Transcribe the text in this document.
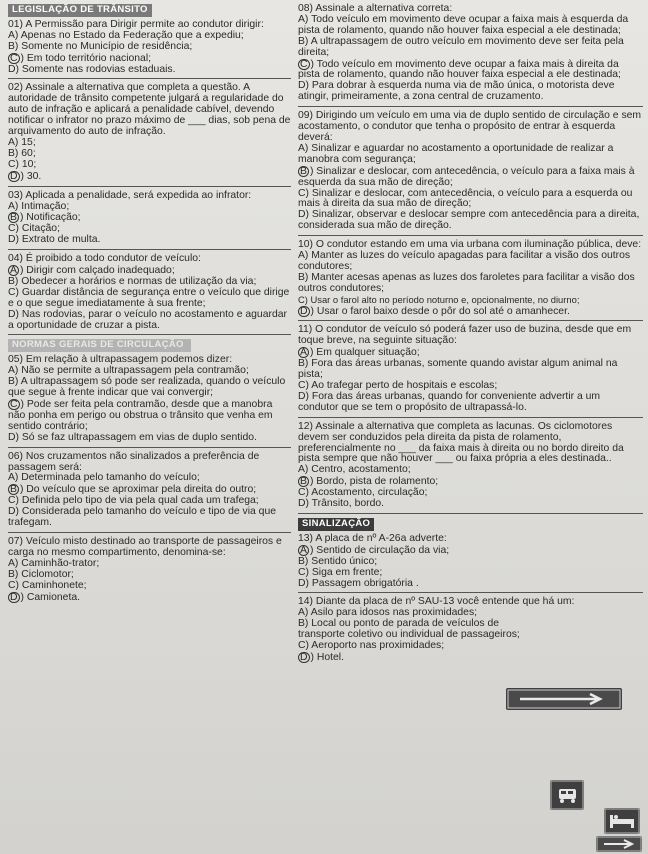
LEGISLAÇÃO DE TRÂNSITO

01) A Permissão para Dirigir permite ao condutor dirigir:

A) Apenas no Estado da Federação que a expediu;

B) Somente no Município de residência;

C ) Em todo território nacional;

D) Somente nas rodovias estaduais.

02) Assinale a alternativa que completa a questão. A autoridade de trânsito competente julgará a regularidade do auto de infração e aplicará a penalidade cabível, devendo notificar o infrator no prazo máximo de ___ dias, sob pena de arquivamento do auto de infração.

A) 15;

B) 60;

C) 10;

D ) 30.

03) Aplicada a penalidade, será expedida ao infrator:

A) Intimação;

B ) Notificação;

C) Citação;

D) Extrato de multa.

04) É proibido a todo condutor de veículo:

A ) Dirigir com calçado inadequado;

B) Obedecer a horários e normas de utilização da via;

C) Guardar distância de segurança entre o veículo que dirige e o que segue imediatamente à sua frente;

D) Nas rodovias, parar o veículo no acostamento e aguardar a oportunidade de cruzar a pista.

NORMAS GERAIS DE CIRCULAÇÃO

05) Em relação à ultrapassagem podemos dizer:

A) Não se permite a ultrapassagem pela contramão;

B) A ultrapassagem só pode ser realizada, quando o veículo que segue à frente indicar que vai convergir;

C ) Pode ser feita pela contramão, desde que a manobra não ponha em perigo ou obstrua o trânsito que venha em sentido contrário;

D) Só se faz ultrapassagem em vias de duplo sentido.

06) Nos cruzamentos não sinalizados a preferência de passagem será:

A) Determinada pelo tamanho do veículo;

B ) Do veículo que se aproximar pela direita do outro;

C) Definida pelo tipo de via pela qual cada um trafega;

D) Considerada pelo tamanho do veículo e tipo de via que trafegam.

07) Veículo misto destinado ao transporte de passageiros e carga no mesmo compartimento, denomina-se:

A) Caminhão-trator;

B) Ciclomotor;

C) Caminhonete;

D ) Camioneta.

08) Assinale a alternativa correta:

A) Todo veículo em movimento deve ocupar a faixa mais à esquerda da pista de rolamento, quando não houver faixa especial a ele destinada;

B) A ultrapassagem de outro veículo em movimento deve ser feita pela direita;

C ) Todo veículo em movimento deve ocupar a faixa mais à direita da pista de rolamento, quando não houver faixa especial a ele destinada;

D) Para dobrar à esquerda numa via de mão única, o motorista deve atingir, primeiramente, a zona central de cruzamento.

09) Dirigindo um veículo em uma via de duplo sentido de circulação e sem acostamento, o condutor que tenha o propósito de entrar à esquerda deverá:

A) Sinalizar e aguardar no acostamento a oportunidade de realizar a manobra com segurança;

B ) Sinalizar e deslocar, com antecedência, o veículo para a faixa mais à esquerda da sua mão de direção;

C) Sinalizar e deslocar, com antecedência, o veículo para a esquerda ou mais à direita da sua mão de direção;

D) Sinalizar, observar e deslocar sempre com antecedência para a direita, considerada sua mão de direção.

10) O condutor estando em uma via urbana com iluminação pública, deve:

A) Manter as luzes do veículo apagadas para facilitar a visão dos outros condutores;

B) Manter acesas apenas as luzes dos faroletes para facilitar a visão dos outros condutores;

C) Usar o farol alto no período noturno e, opcionalmente, no diurno;

D ) Usar o farol baixo desde o pôr do sol até o amanhecer.

11) O condutor de veículo só poderá fazer uso de buzina, desde que em toque breve, na seguinte situação:

A ) Em qualquer situação;

B) Fora das áreas urbanas, somente quando avistar algum animal na pista;

C) Ao trafegar perto de hospitais e escolas;

D) Fora das áreas urbanas, quando for conveniente advertir a um condutor que se tem o propósito de ultrapassá-lo.

12) Assinale a alternativa que completa as lacunas. Os ciclomotores devem ser conduzidos pela direita da pista de rolamento, preferencialmente no ___ da faixa mais à direita ou no bordo direito da pista sempre que não houver ___ ou faixa própria a eles destinada..

A) Centro, acostamento;

B ) Bordo, pista de rolamento;

C) Acostamento, circulação;

D) Trânsito, bordo.

SINALIZAÇÃO

13) A placa de nº A-26a adverte:

A ) Sentido de circulação da via;

B) Sentido único;

C) Siga em frente;

D) Passagem obrigatória .

14) Diante da placa de nº SAU-13 você entende que há um:

A) Asilo para idosos nas proximidades;

B) Local ou ponto de parada de veículos de transporte coletivo ou individual de passageiros;

C) Aeroporto nas proximidades;

D ) Hotel.
